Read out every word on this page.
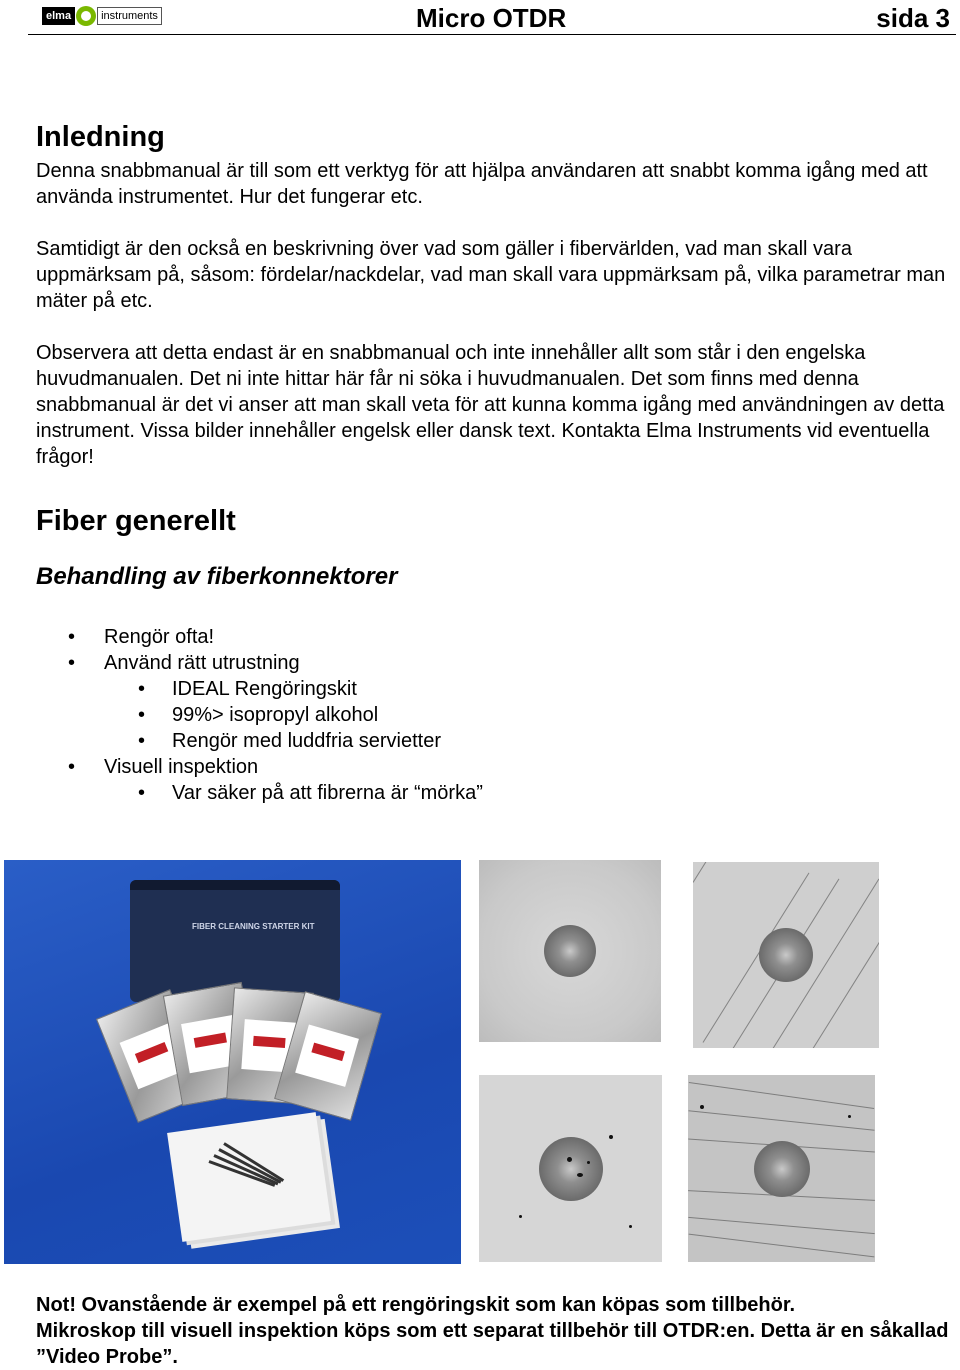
elma	instruments	Micro OTDR	sida 3
Inledning

Denna snabbmanual är till som ett verktyg för att hjälpa användaren att snabbt komma igång med att använda instrumentet. Hur det fungerar etc.

Samtidigt är den också en beskrivning över vad som gäller i fibervärlden, vad man skall vara uppmärksam på, såsom: fördelar/nackdelar, vad man skall vara uppmärksam på, vilka parametrar man mäter på etc.

Observera att detta endast är en snabbmanual och inte innehåller allt som står i den engelska huvudmanualen. Det ni inte hittar här får ni söka i huvudmanualen. Det som finns med denna snabbmanual är det vi anser att man skall veta för att kunna komma igång med användningen av detta instrument. Vissa bilder innehåller engelsk eller dansk text. Kontakta Elma Instruments vid eventuella frågor!

Fiber generellt
Behandling av fiberkonnektorer
• Rengör ofta!
• Använd rätt utrustning
• IDEAL Rengöringskit
• 99%> isopropyl alkohol
• Rengör med luddfria servietter
• Visuell inspektion
• Var säker på att fibrerna är “mörka”
FIBER CLEANING STARTER KIT

Not! Ovanstående är exempel på ett rengöringskit som kan köpas som tillbehör.

Mikroskop till visuell inspektion köps som ett separat tillbehör till OTDR:en. Detta är en såkallad ”Video Probe”.
